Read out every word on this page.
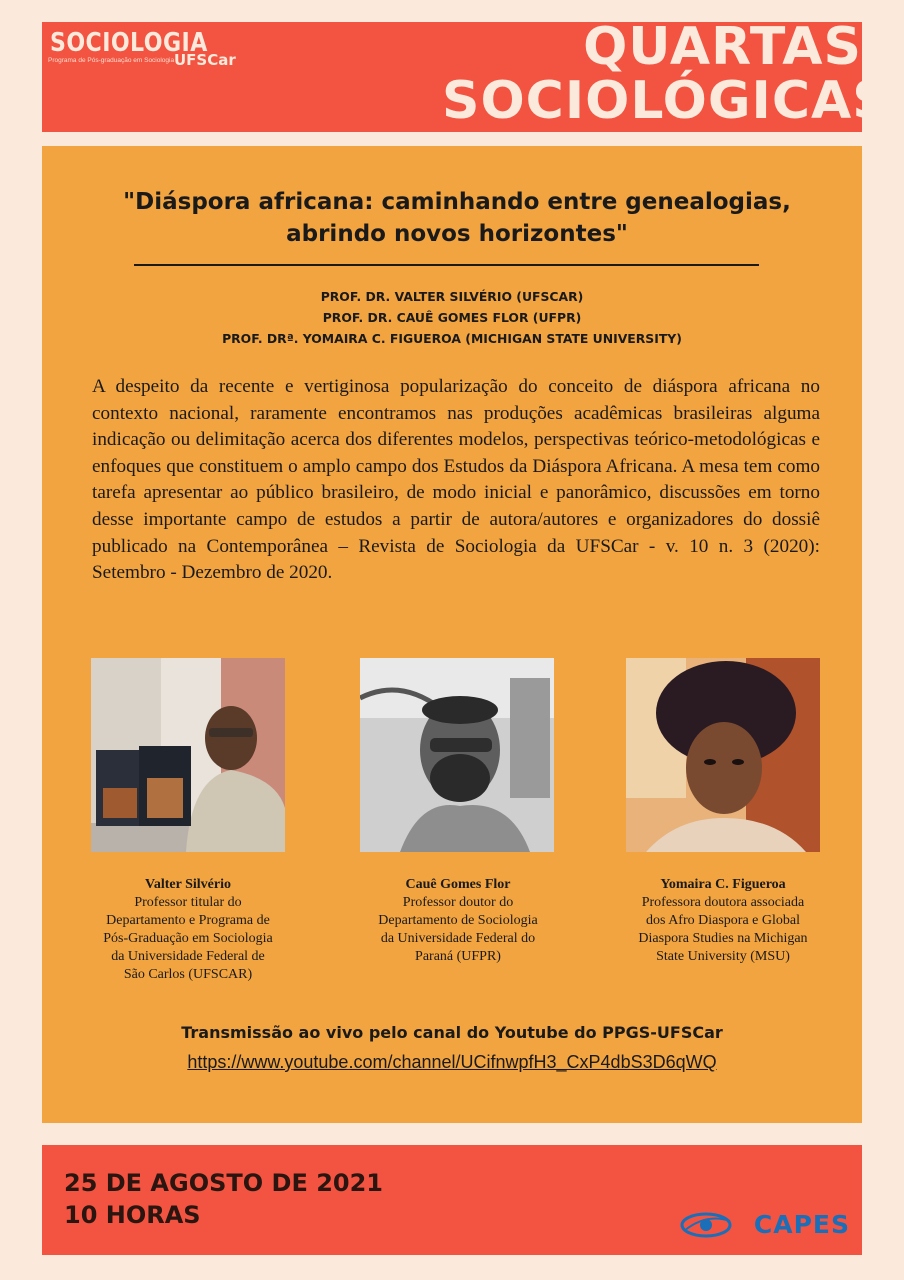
SOCIOLOGIA
UFSCar
Programa de Pós-graduação em Sociologia	QUARTAS
SOCIOLÓGICAS
"Diáspora africana: caminhando entre genealogias,
abrindo novos horizontes"
PROF. DR. VALTER SILVÉRIO (UFSCAR)
PROF. DR. CAUÊ GOMES FLOR (UFPR)
PROF. DRª. YOMAIRA C. FIGUEROA (MICHIGAN STATE UNIVERSITY)
A despeito da recente e vertiginosa popularização do conceito de diáspora africana no contexto nacional, raramente encontramos nas produções acadêmicas brasileiras alguma indicação ou delimitação acerca dos diferentes modelos, perspectivas teórico-metodológicas e enfoques que constituem o amplo campo dos Estudos da Diáspora Africana. A mesa tem como tarefa apresentar ao público brasileiro, de modo inicial e panorâmico, discussões em torno desse importante campo de estudos a partir de autora/autores e organizadores do dossiê publicado na Contemporânea – Revista de Sociologia da UFSCar - v. 10 n. 3 (2020): Setembro - Dezembro de 2020.
Valter Silvério
Professor titular do
Departamento e Programa de
Pós-Graduação em Sociologia
da Universidade Federal de
São Carlos (UFSCAR)
Cauê Gomes Flor
Professor doutor do
Departamento de Sociologia
da Universidade Federal do
Paraná (UFPR)
Yomaira C. Figueroa
Professora doutora associada
dos Afro Diaspora e Global
Diaspora Studies na Michigan
State University (MSU)
Transmissão ao vivo pelo canal do Youtube do PPGS-UFSCar
https://www.youtube.com/channel/UCifnwpfH3_CxP4dbS3D6qWQ
25 DE AGOSTO DE 2021
10 HORAS	CAPES
